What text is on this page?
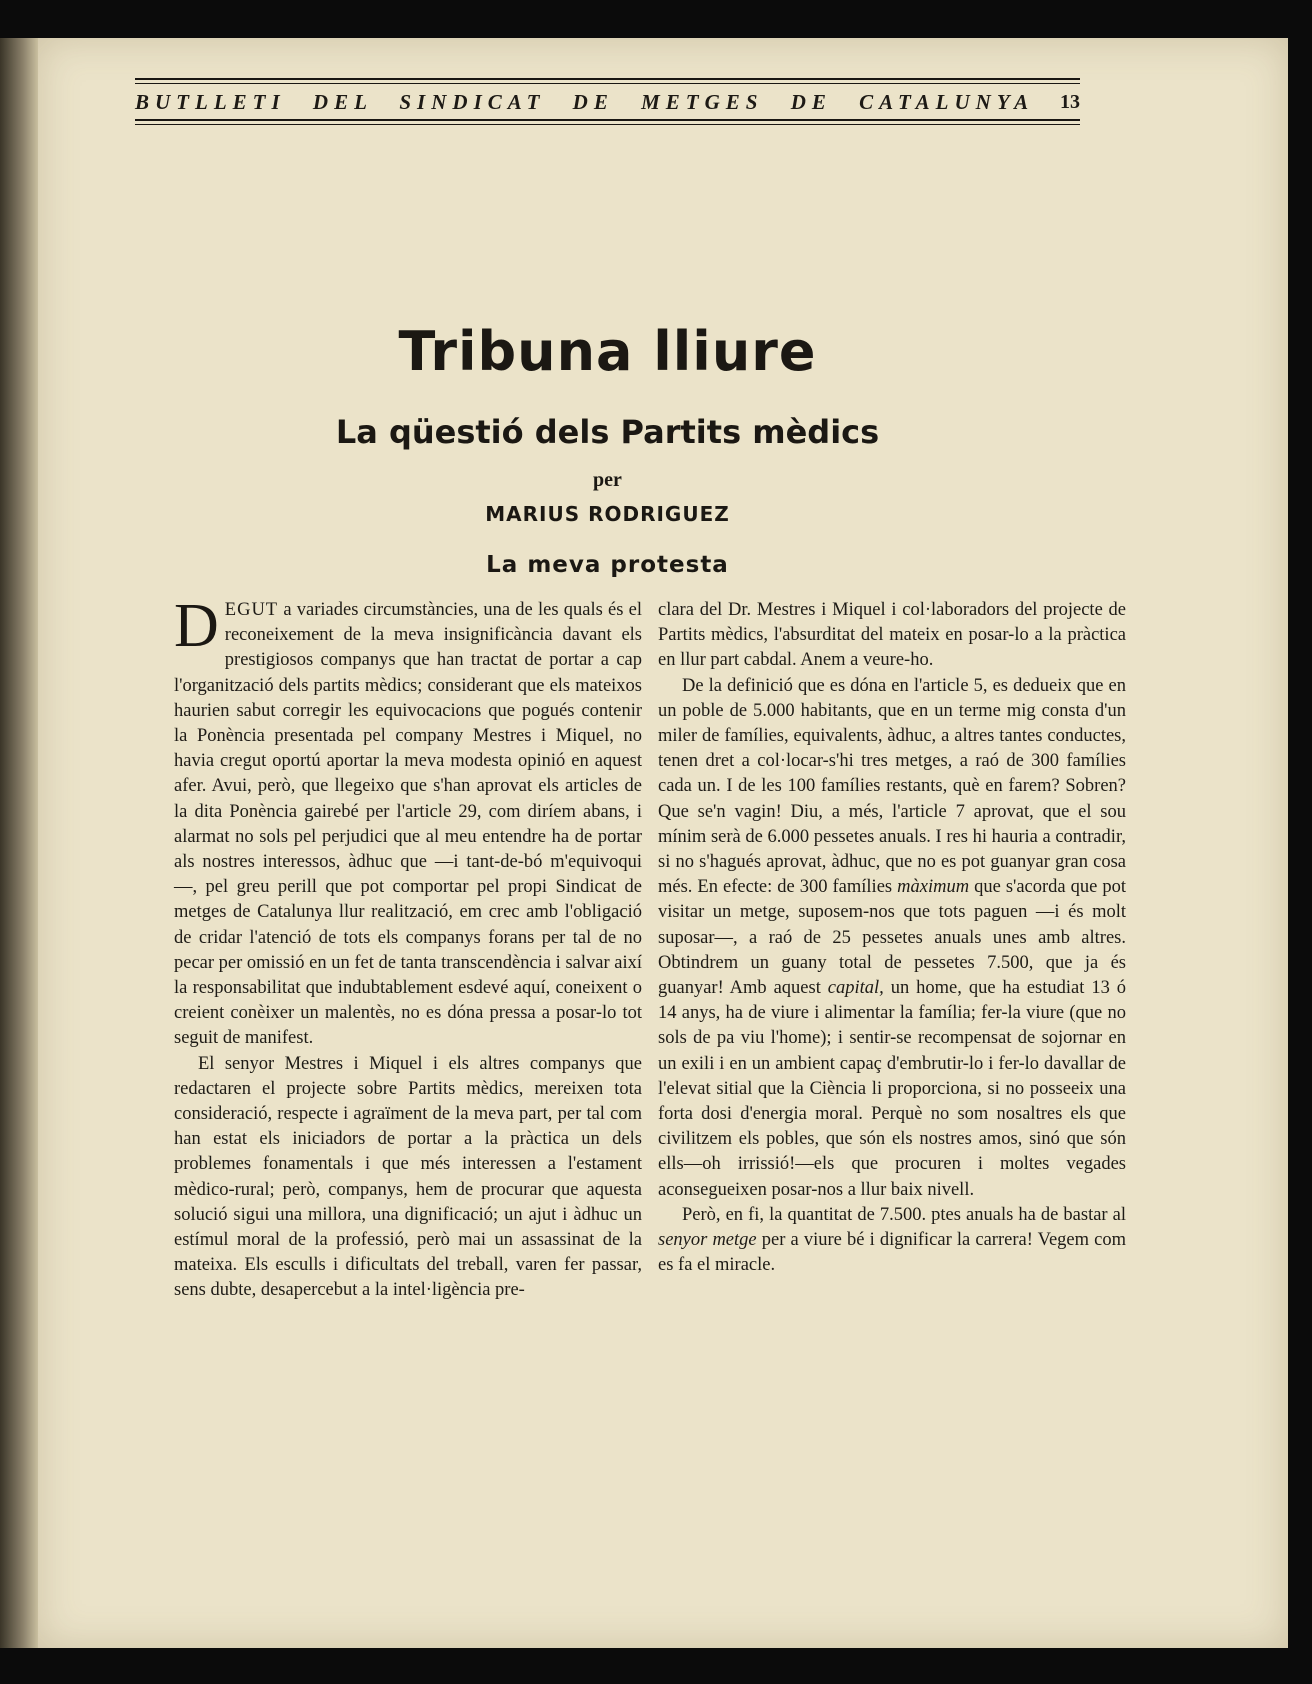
BUTLLETI DEL SINDICAT DE METGES DE CATALUNYA 13
Tribuna lliure
La qüestió dels Partits mèdics
per
MARIUS RODRIGUEZ
La meva protesta

DEGUT a variades circumstàncies, una de les quals és el reconeixement de la meva insignificància davant els prestigiosos companys que han tractat de portar a cap l'organització dels partits mèdics; considerant que els mateixos haurien sabut corregir les equivocacions que pogués contenir la Ponència presentada pel company Mestres i Miquel, no havia cregut oportú aportar la meva modesta opinió en aquest afer. Avui, però, que llegeixo que s'han aprovat els articles de la dita Ponència gairebé per l'article 29, com diríem abans, i alarmat no sols pel perjudici que al meu entendre ha de portar als nostres interessos, àdhuc que —i tant-de-bó m'equivoqui—, pel greu perill que pot comportar pel propi Sindicat de metges de Catalunya llur realització, em crec amb l'obligació de cridar l'atenció de tots els companys forans per tal de no pecar per omissió en un fet de tanta transcendència i salvar així la responsabilitat que indubtablement esdevé aquí, coneixent o creient conèixer un malentès, no es dóna pressa a posar-lo tot seguit de manifest.

El senyor Mestres i Miquel i els altres companys que redactaren el projecte sobre Partits mèdics, mereixen tota consideració, respecte i agraïment de la meva part, per tal com han estat els iniciadors de portar a la pràctica un dels problemes fonamentals i que més interessen a l'estament mèdico-rural; però, companys, hem de procurar que aquesta solució sigui una millora, una dignificació; un ajut i àdhuc un estímul moral de la professió, però mai un assassinat de la mateixa. Els esculls i dificultats del treball, varen fer passar, sens dubte, desapercebut a la intel·ligència pre-

clara del Dr. Mestres i Miquel i col·laboradors del projecte de Partits mèdics, l'absurditat del mateix en posar-lo a la pràctica en llur part cabdal. Anem a veure-ho.

De la definició que es dóna en l'article 5, es dedueix que en un poble de 5.000 habitants, que en un terme mig consta d'un miler de famílies, equivalents, àdhuc, a altres tantes conductes, tenen dret a col·locar-s'hi tres metges, a raó de 300 famílies cada un. I de les 100 famílies restants, què en farem? Sobren? Que se'n vagin! Diu, a més, l'article 7 aprovat, que el sou mínim serà de 6.000 pessetes anuals. I res hi hauria a contradir, si no s'hagués aprovat, àdhuc, que no es pot guanyar gran cosa més. En efecte: de 300 famílies màximum que s'acorda que pot visitar un metge, suposem-nos que tots paguen —i és molt suposar—, a raó de 25 pessetes anuals unes amb altres. Obtindrem un guany total de pessetes 7.500, que ja és guanyar! Amb aquest capital, un home, que ha estudiat 13 ó 14 anys, ha de viure i alimentar la família; fer-la viure (que no sols de pa viu l'home); i sentir-se recompensat de sojornar en un exili i en un ambient capaç d'embrutir-lo i fer-lo davallar de l'elevat sitial que la Ciència li proporciona, si no posseeix una forta dosi d'energia moral. Perquè no som nosaltres els que civilitzem els pobles, que són els nostres amos, sinó que són ells—oh irrissió!—els que procuren i moltes vegades aconsegueixen posar-nos a llur baix nivell.

Però, en fi, la quantitat de 7.500. ptes anuals ha de bastar al senyor metge per a viure bé i dignificar la carrera! Vegem com es fa el miracle.
